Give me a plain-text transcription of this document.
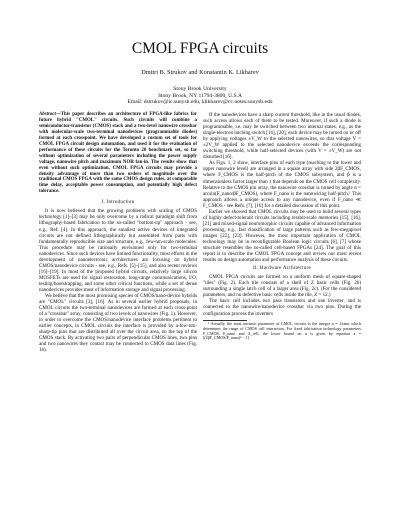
CMOL FPGA circuits
Dmitri B. Strukov and Konstantin K. Likharev
Stony Brook University
Stony Brook, NY 11794-3800, U.S.A
Email: dstrukov@ic.sunysb.edu, klikharev@cc.notes.sunysb.edu

Abstract—This paper describes an architecture of FPGA-like fabrics for future hybrid "CMOL" circuits. Such circuits will combine a semiconductor-transistor (CMOS) stack and a two-level nanowire crossbar with molecular-scale two-terminal nanodevices (programmable diodes) formed at each crosspoint. We have developed a custom set of tools for CMOL FPGA circuit design automation, and used it for the evaluation of performance of these circuits for the Toronto 20 benchmark set, so far without optimization of several parameters including the power supply voltage, nanowire pitch and maximum NOR fan-in. The results show that even without such optimization, CMOL FPGA circuits may provide a density advantage of more than two orders of magnitude over the traditional CMOS FPGA with the same CMOS design rules, at comparable time delay, acceptable power consumption, and potentially high defect tolerance.

I. Introduction

It is now believed that the growing problems with scaling of CMOS technology [1]–[3] may be only overcome by a radical paradigm shift from lithography-based fabrication to the so-called "bottom-up" approach - see, e.g., Ref. [4]. In this approach, the smallest active devices of integrated circuits are not defined lithographically but assembled from parts with fundamentally reproducible size and structure, e.g., few-nm-scale molecules. This procedure may be rationally envisioned only for two-terminal nanodevices. Since such devices have limited functionality, most efforts in the development of nanoelectronic architectures are focusing on hybrid CMOS/nanodevice circuits - see, e.g., Refs. [5]–[15], and also recent reviews [16]–[19]. In most of the proposed hybrid circuits, relatively large silicon MOSFETs are used for signal restoration, long-range communications, I/O, testing/bootstrapping, and some other critical functions, while a set of dense nanodevices provides most of information storage and signal processing.

We believe that the most promising species of CMOS/nano-device hybrids are "CMOL" circuits [3], [16]. As in several earlier hybrid proposals, in CMOL circuits the two-terminal nanodevices are formed at each cross-point of a "crossbar" array, consisting of two levels of nanowires (Fig. 1). However, in order to overcome the CMOS/nanodevice interface problems pertinent to earlier concepts, in CMOL circuits the interface is provided by a-few-nm-sharp-tip pins that are distributed all over the circuit area, on the top of the CMOS stack. By activating two pairs of perpendicular CMOS lines, two pins and two nanowires they contact may be connected to CMOS data lines (Fig. 1b).

If the nanodevices have a sharp current threshold, like in the usual diodes, such access allows each of them to be tested. Moreover, if such a diode is programmable, i.e. may be switched between two internal states, e.g., as the single-electron latching switch [16], [20], each device may be turned on or off by applying voltages ±V_W to the selected nanowires, so that voltage V = ±2V_W applied to the selected nanodevice exceeds the corresponding switching threshold, while half-selected devices (with V = ±V_W) are not disturbed [16].

As Figs. 1, 2 show, interface pins of each type (reaching to the lower and upper nanowire level) are arranged in a square array with side 2βF_CMOS, where F_CMOS is the half-pitch of the CMOS subsystem, and β is a dimensionless factor larger than 1 that depends on the CMOS cell complexity. Relative to the CMOS pin array, the nanowire crossbar is turned by angle α = arcsin(F_nano/βF_CMOS), where F_nano is the nanowiring half-pitch.¹ This approach allows a unique access to any nanodevice, even if F_nano ≪ F_CMOS - see Refs. [7], [16] for a detailed discussion of this point.

Earlier we showed that CMOL circuits may be used to build several types of highly defect-tolerant circuits including terabit-scale memories [15], [16], [21] and mixed-signal neuromorphic circuits capable of advanced information processing, e.g., fast classification of large patterns such as few-megapixel images [22], [23]. However, the most important application of CMOL technology may be in reconfigurable Boolean logic circuits [6], [7] whose structure resembles the so-called cell-based FPGAs [24]. The goal of this report is to describe the CMOL FPGA concept and review our most recent results on design automation and performance analysis of these circuits.

II. Hardware Architecture

CMOL FPGA circuits are formed on a uniform mesh of square-shaped "tiles" (Fig. 2). Each tile consists of a shell of Z basic cells (Fig. 2b) surrounding a single latch cell of a larger area (Fig. 2c). (For the considered parameters, and no defective basic cells inside the tile, Z = 12.)

The basic cell includes two pass transistors and one inverter, and is connected to the nanowire/nanodevice crossbar via two pins. During the configuration process the inverters

¹ Actually, the most intrinsic parameter of CMOL circuits is the integer a = 1/tanα which determines the range of CMOS cell interaction. For fixed fabrication technology parameters F_CMOS, F_nano and A_cell, the lower bound on α is given by equation a = [(2βF_CMOS/F_nano)² − 1].
